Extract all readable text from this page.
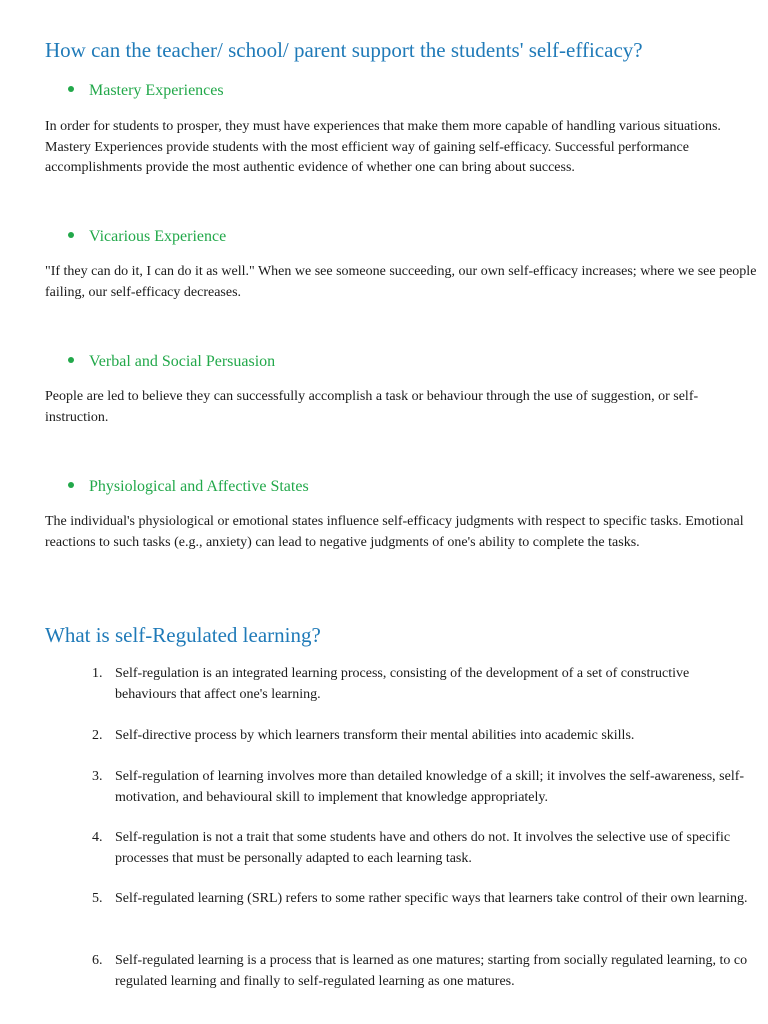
How can the teacher/ school/ parent support the students' self-efficacy?
Mastery Experiences

In order for students to prosper, they must have experiences that make them more capable of handling various situations. Mastery Experiences provide students with the most efficient way of gaining self-efficacy. Successful performance accomplishments provide the most authentic evidence of whether one can bring about success.

Vicarious Experience

"If they can do it, I can do it as well." When we see someone succeeding, our own self-efficacy increases; where we see people failing, our self-efficacy decreases.

Verbal and Social Persuasion

People are led to believe they can successfully accomplish a task or behaviour through the use of suggestion, or self-instruction.

Physiological and Affective States

The individual's physiological or emotional states influence self-efficacy judgments with respect to specific tasks. Emotional reactions to such tasks (e.g., anxiety) can lead to negative judgments of one's ability to complete the tasks.

What is self-Regulated learning?
1. Self-regulation is an integrated learning process, consisting of the development of a set of constructive behaviours that affect one's learning.
2. Self-directive process by which learners transform their mental abilities into academic skills.
3. Self-regulation of learning involves more than detailed knowledge of a skill; it involves the self-awareness, self-motivation, and behavioural skill to implement that knowledge appropriately.
4. Self-regulation is not a trait that some students have and others do not. It involves the selective use of specific processes that must be personally adapted to each learning task.
5. Self-regulated learning (SRL) refers to some rather specific ways that learners take control of their own learning.
6. Self-regulated learning is a process that is learned as one matures; starting from socially regulated learning, to co regulated learning and finally to self-regulated learning as one matures.
